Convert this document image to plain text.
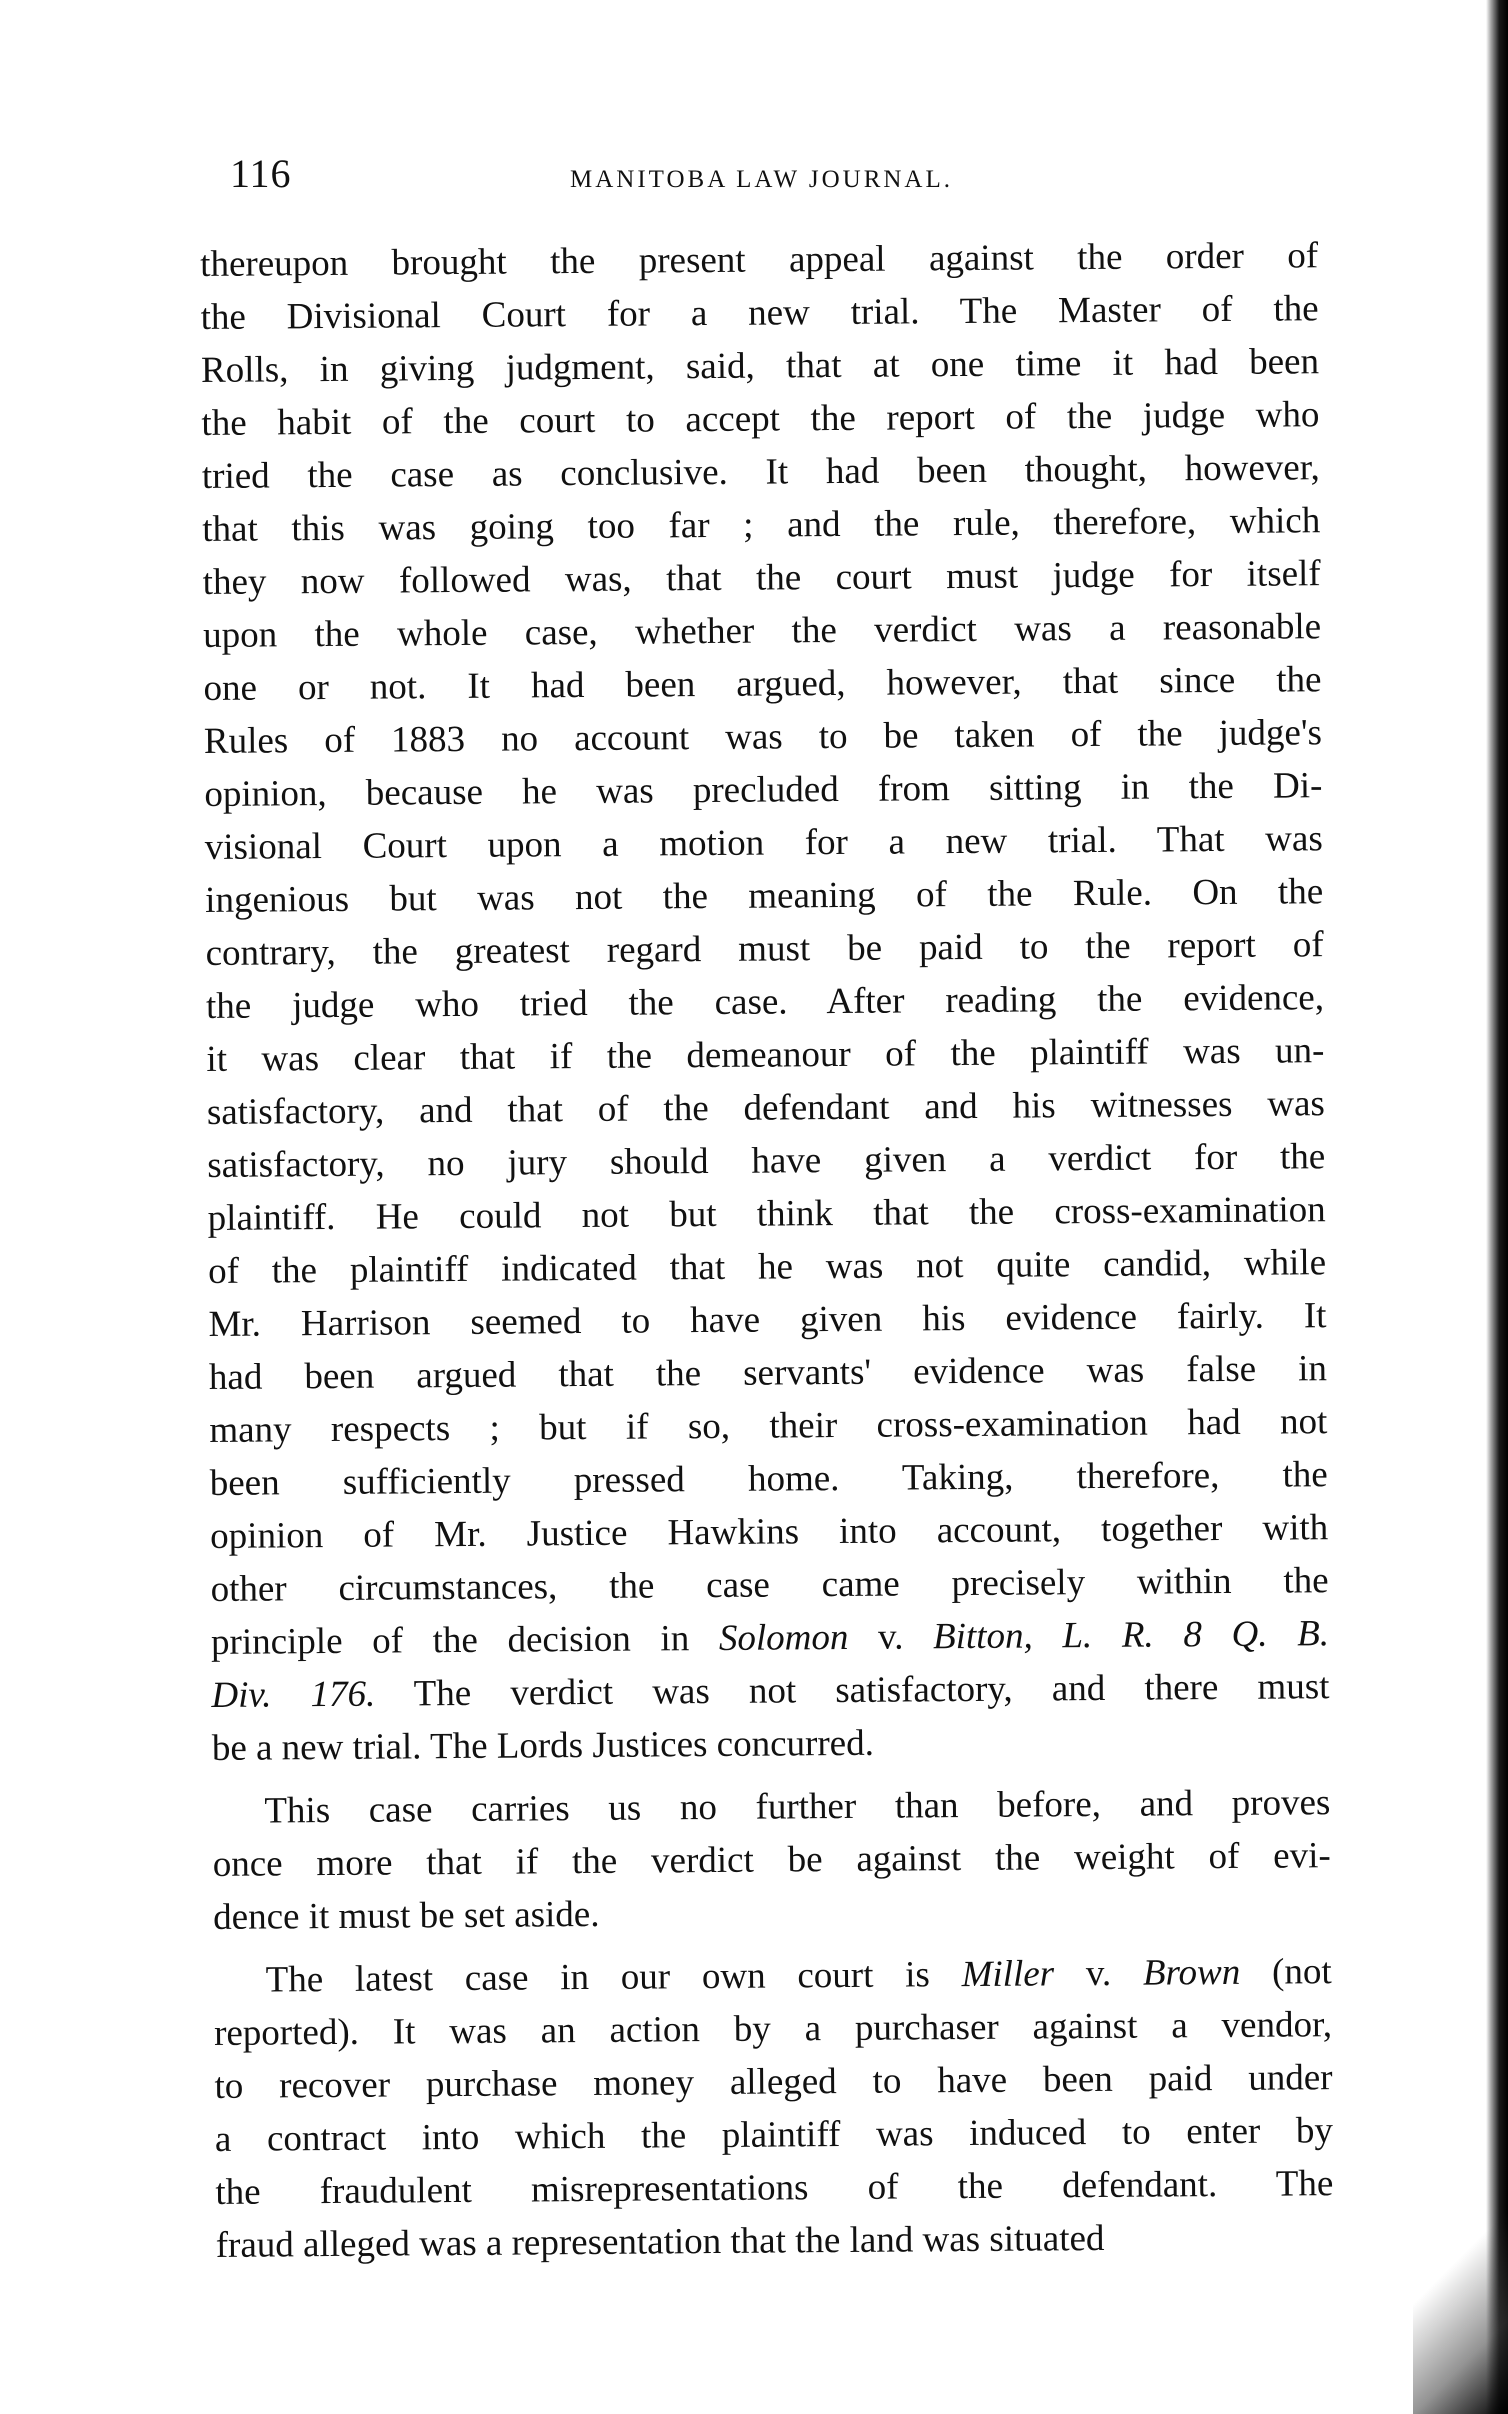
116	MANITOBA LAW JOURNAL.

thereupon brought the present appeal against the order of
the Divisional Court for a new trial. The Master of the
Rolls, in giving judgment, said, that at one time it had been
the habit of the court to accept the report of the judge who
tried the case as conclusive. It had been thought, however,
that this was going too far ; and the rule, therefore, which
they now followed was, that the court must judge for itself
upon the whole case, whether the verdict was a reasonable
one or not. It had been argued, however, that since the
Rules of 1883 no account was to be taken of the judge's
opinion, because he was precluded from sitting in the Di-
visional Court upon a motion for a new trial. That was
ingenious but was not the meaning of the Rule. On the
contrary, the greatest regard must be paid to the report of
the judge who tried the case. After reading the evidence,
it was clear that if the demeanour of the plaintiff was un-
satisfactory, and that of the defendant and his witnesses was
satisfactory, no jury should have given a verdict for the
plaintiff. He could not but think that the cross-examination
of the plaintiff indicated that he was not quite candid, while
Mr. Harrison seemed to have given his evidence fairly. It
had been argued that the servants' evidence was false in
many respects ; but if so, their cross-examination had not
been sufficiently pressed home. Taking, therefore, the
opinion of Mr. Justice Hawkins into account, together with
other circumstances, the case came precisely within the
principle of the decision in Solomon v. Bitton, L. R. 8 Q. B.
Div. 176. The verdict was not satisfactory, and there must
be a new trial. The Lords Justices concurred.

This case carries us no further than before, and proves
once more that if the verdict be against the weight of evi-
dence it must be set aside.

The latest case in our own court is Miller v. Brown (not
reported). It was an action by a purchaser against a vendor,
to recover purchase money alleged to have been paid under
a contract into which the plaintiff was induced to enter by
the fraudulent misrepresentations of the defendant. The
fraud alleged was a representation that the land was situated
